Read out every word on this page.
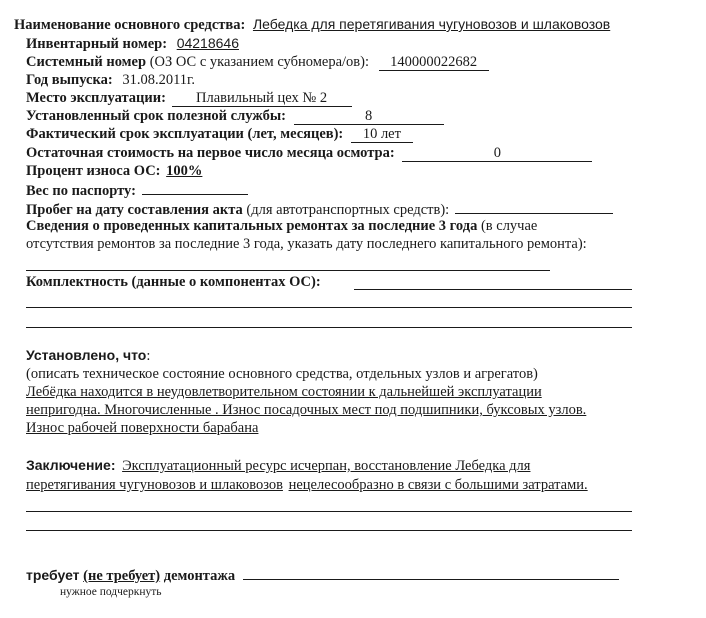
Наименование основного средства: Лебедка для перетягивания чугуновозов и шлаковозов
Инвентарный номер: 04218646
Системный номер (ОЗ ОС с указанием субномера/ов): 140000022682
Год выпуска: 31.08.2011г.
Место эксплуатации: Плавильный цех № 2
Установленный срок полезной службы:	8
Фактический срок эксплуатации (лет, месяцев): 10 лет
Остаточная стоимость на первое число месяца осмотра:	0
Процент износа ОС: 100%
Вес по паспорту:
Пробег на дату составления акта (для автотранспортных средств):
Сведения о проведенных капитальных ремонтах за последние 3 года (в случае
отсутствия ремонтов за последние 3 года, указать дату последнего капитального ремонта):
Комплектность (данные о компонентах ОС):
Установлено, что:
(описать техническое состояние основного средства, отдельных узлов и агрегатов)
Лебёдка находится в неудовлетворительном состоянии к дальнейшей эксплуатации
непригодна. Многочисленные . Износ посадочных мест под подшипники, буксовых узлов.
Износ рабочей поверхности барабана
Заключение: Эксплуатационный ресурс исчерпан, восстановление Лебедка для
перетягивания чугуновозов и шлаковозов нецелесообразно в связи с большими затратами.
требует (не требует) демонтажа
нужное подчеркнуть
